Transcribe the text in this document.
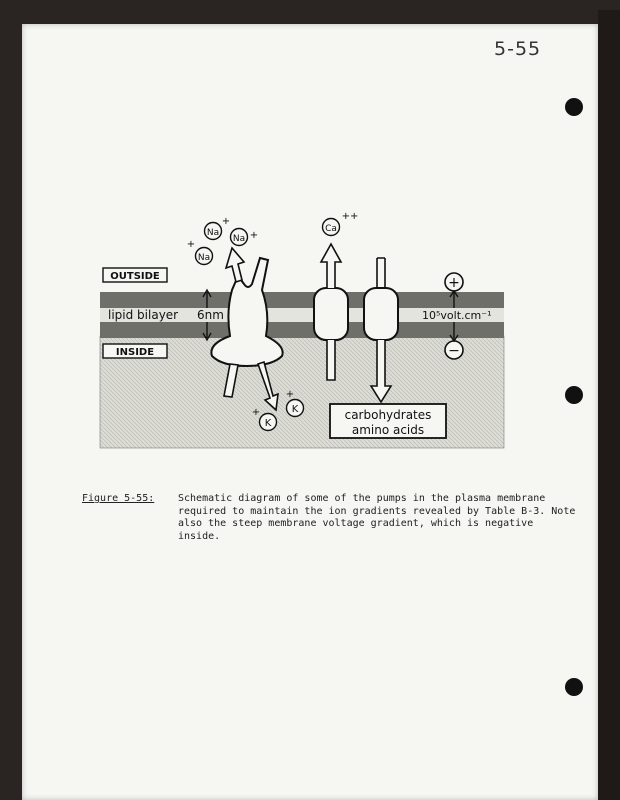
5-55
OUTSIDE
INSIDE
lipid bilayer 6nm
Na
+
Na +
Na
+
K
+
K
+
Ca
++
carbohydrates
amino acids
+
−
10⁵volt.cm⁻¹
Figure 5-55: Schematic diagram of some of the pumps in the plasma membrane required to maintain the ion gradients revealed by Table B-3. Note also the steep membrane voltage gradient, which is negative inside.
